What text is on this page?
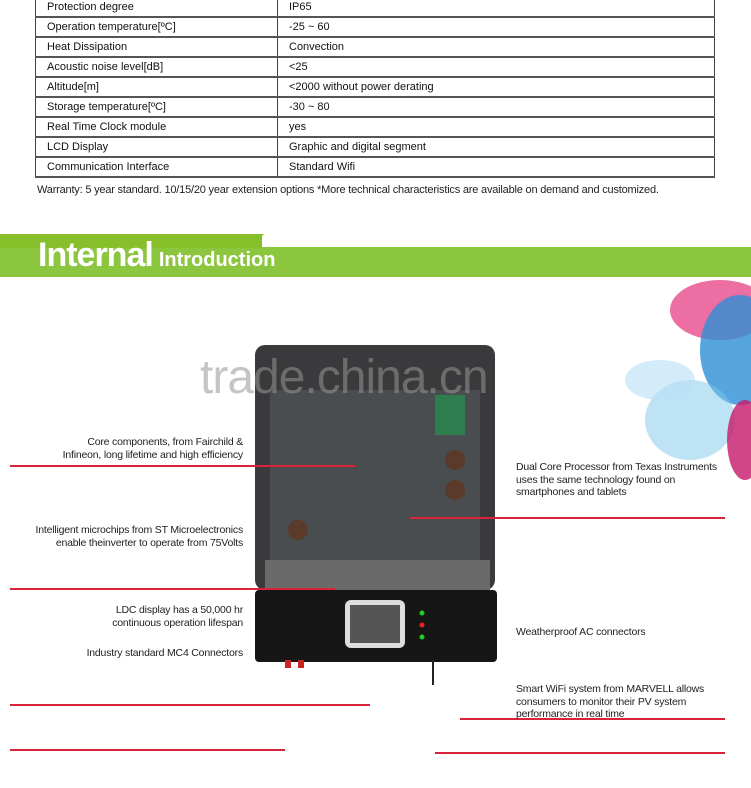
Protection degree	IP65
Operation temperature[ºC]	-25 ~ 60
Heat Dissipation	Convection
Acoustic noise level[dB]	<25
Altitude[m]	<2000 without power derating
Storage temperature[ºC]	-30 ~ 80
Real Time Clock module	yes
LCD Display	Graphic and digital segment
Communication Interface	Standard Wifi
Warranty: 5 year standard. 10/15/20 year extension options *More technical characteristics are available on demand and customized.
Internal Introduction
trade.china.cn
Core components, from Fairchild &
Infineon, long lifetime and high efficiency
Intelligent microchips from ST Microelectronics
enable theinverter to operate from 75Volts
LDC display has a 50,000 hr
continuous operation lifespan
Industry standard MC4 Connectors
Dual Core Processor from Texas Instruments
uses the same technology found on
smartphones and tablets
Weatherproof AC connectors
Smart WiFi system from MARVELL allows
consumers to monitor their PV system
performance in real time
